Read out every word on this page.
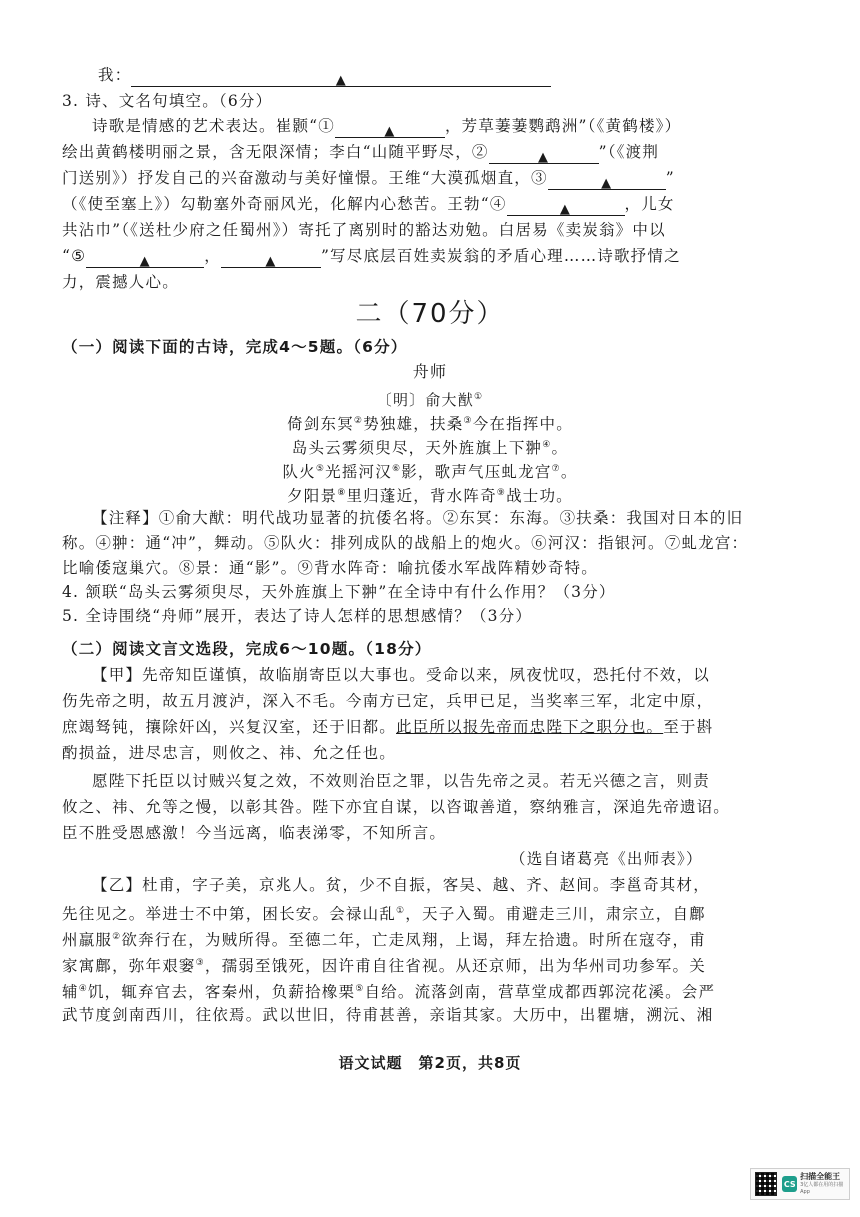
我：	▲
3. 诗、文名句填空。（6分）
诗歌是情感的艺术表达。崔颢“①	▲	，芳草萋萋鹦鹉洲”（《黄鹤楼》）
绘出黄鹤楼明丽之景，含无限深情；李白“山随平野尽，②	▲	”（《渡荆
门送别》）抒发自己的兴奋激动与美好憧憬。王维“大漠孤烟直，③	▲	”
（《使至塞上》）勾勒塞外奇丽风光，化解内心愁苦。王勃“④	▲	，儿女
共沾巾”（《送杜少府之任蜀州》）寄托了离别时的豁达劝勉。白居易《卖炭翁》中以
“⑤	▲	，	▲	”写尽底层百姓卖炭翁的矛盾心理……诗歌抒情之
力，震撼人心。
二（70分）
（一）阅读下面的古诗，完成4～5题。（6分）
舟师
〔明〕俞大猷①
倚剑东冥②势独雄，扶桑③今在指挥中。
岛头云雾须臾尽，天外旌旗上下翀④。
队火⑤光摇河汉⑥影，歌声气压虬龙宫⑦。
夕阳景⑧里归蓬近，背水阵奇⑨战士功。
【注释】①俞大猷：明代战功显著的抗倭名将。②东冥：东海。③扶桑：我国对日本的旧
称。④翀：通“冲”，舞动。⑤队火：排列成队的战船上的炮火。⑥河汉：指银河。⑦虬龙宫：
比喻倭寇巢穴。⑧景：通“影”。⑨背水阵奇：喻抗倭水军战阵精妙奇特。
4. 颔联“岛头云雾须臾尽，天外旌旗上下翀”在全诗中有什么作用？（3分）
5. 全诗围绕“舟师”展开，表达了诗人怎样的思想感情？（3分）
（二）阅读文言文选段，完成6～10题。（18分）
【甲】先帝知臣谨慎，故临崩寄臣以大事也。受命以来，夙夜忧叹，恐托付不效，以
伤先帝之明，故五月渡泸，深入不毛。今南方已定，兵甲已足，当奖率三军，北定中原，
庶竭驽钝，攘除奸凶，兴复汉室，还于旧都。此臣所以报先帝而忠陛下之职分也。至于斟
酌损益，进尽忠言，则攸之、祎、允之任也。
愿陛下托臣以讨贼兴复之效，不效则治臣之罪，以告先帝之灵。若无兴德之言，则责
攸之、祎、允等之慢，以彰其咎。陛下亦宜自谋，以咨诹善道，察纳雅言，深追先帝遗诏。
臣不胜受恩感激！今当远离，临表涕零，不知所言。
（选自诸葛亮《出师表》）
【乙】杜甫，字子美，京兆人。贫，少不自振，客吴、越、齐、赵间。李邕奇其材，
先往见之。举进士不中第，困长安。会禄山乱①，天子入蜀。甫避走三川，肃宗立，自鄜
州羸服②欲奔行在，为贼所得。至德二年，亡走凤翔，上谒，拜左拾遗。时所在寇夺，甫
家寓鄜，弥年艰窭③，孺弱至饿死，因许甫自往省视。从还京师，出为华州司功参军。关
辅④饥，辄弃官去，客秦州，负薪拾橡栗⑤自给。流落剑南，营草堂成都西郭浣花溪。会严
武节度剑南西川，往依焉。武以世旧，待甫甚善，亲诣其家。大历中，出瞿塘，溯沅、湘
语文试题　第2页，共8页
CS
扫描全能王
3亿人都在用的扫描App
